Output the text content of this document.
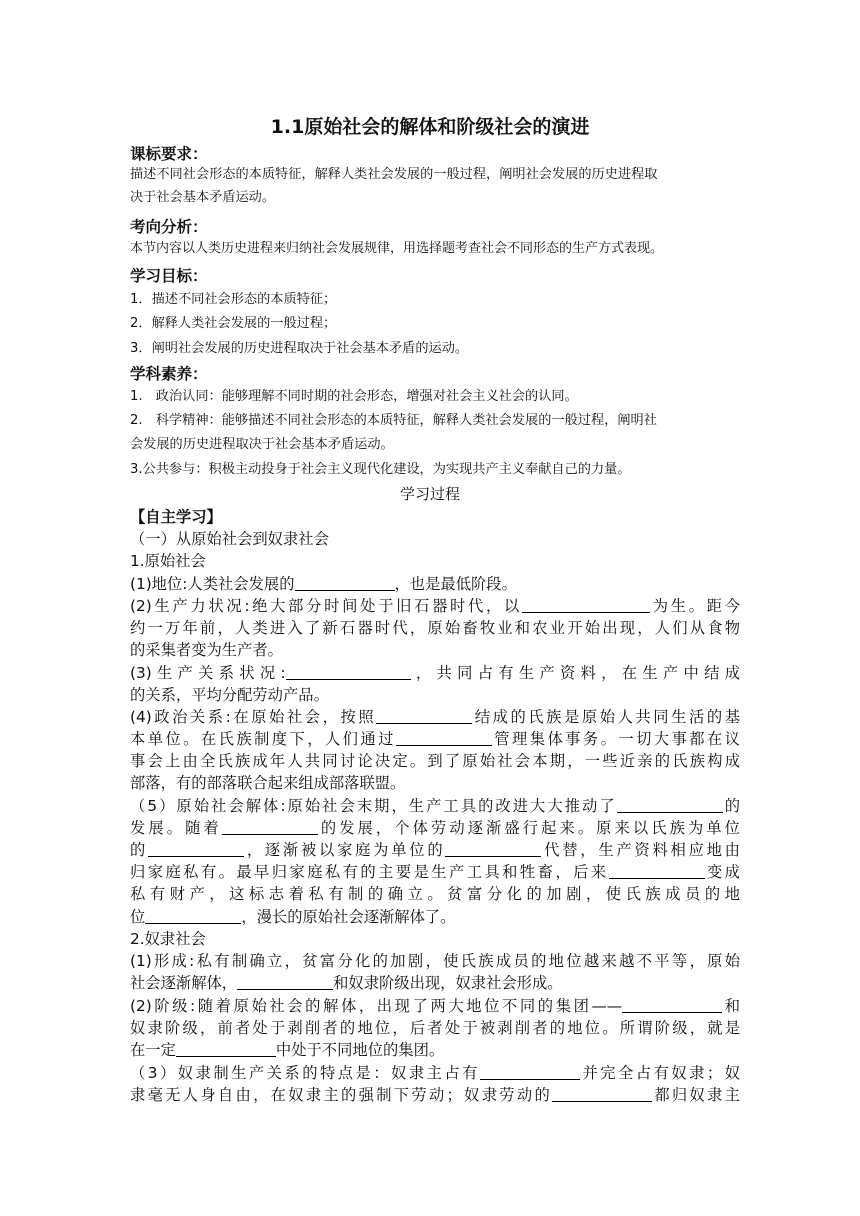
1.1原始社会的解体和阶级社会的演进
课标要求：
描述不同社会形态的本质特征，解释人类社会发展的一般过程，阐明社会发展的历史进程取
决于社会基本矛盾运动。
考向分析：
本节内容以人类历史进程来归纳社会发展规律，用选择题考查社会不同形态的生产方式表现。
学习目标：
1．描述不同社会形态的本质特征；
2．解释人类社会发展的一般过程；
3．阐明社会发展的历史进程取决于社会基本矛盾的运动。
学科素养：
1.　政治认同：能够理解不同时期的社会形态，增强对社会主义社会的认同。
2.　科学精神：能够描述不同社会形态的本质特征，解释人类社会发展的一般过程，阐明社
会发展的历史进程取决于社会基本矛盾运动。
3.公共参与：积极主动投身于社会主义现代化建设，为实现共产主义奉献自己的力量。
学习过程
【自主学习】
（一）从原始社会到奴隶社会
1.原始社会
(1)地位:人类社会发展的	，也是最低阶段。
(2)生产力状况:绝大部分时间处于旧石器时代，以	为生。距今
约一万年前，人类进入了新石器时代，原始畜牧业和农业开始出现，人们从食物
的采集者变为生产者。
(3)生产关系状况:	，共同占有生产资料，在生产中结成
的关系，平均分配劳动产品。
(4)政治关系:在原始社会，按照	结成的氏族是原始人共同生活的基
本单位。在氏族制度下，人们通过	管理集体事务。一切大事都在议
事会上由全氏族成年人共同讨论决定。到了原始社会本期，一些近亲的氏族构成
部落，有的部落联合起来组成部落联盟。
（5）原始社会解体:原始社会末期，生产工具的改进大大推动了	的
发展。随着	的发展，个体劳动逐渐盛行起来。原来以氏族为单位
的	，逐渐被以家庭为单位的	代替，生产资料相应地由
归家庭私有。最早归家庭私有的主要是生产工具和牲畜，后来	变成
私有财产，这标志着私有制的确立。贫富分化的加剧，使氏族成员的地
位	，漫长的原始社会逐渐解体了。
2.奴隶社会
(1)形成:私有制确立，贫富分化的加剧，使氏族成员的地位越来越不平等，原始
社会逐渐解体，	和奴隶阶级出现，奴隶社会形成。
(2)阶级:随着原始社会的解体，出现了两大地位不同的集团——	和
奴隶阶级，前者处于剥削者的地位，后者处于被剥削者的地位。所谓阶级，就是
在一定	中处于不同地位的集团。
（3）奴隶制生产关系的特点是：奴隶主占有	并完全占有奴隶；奴
隶毫无人身自由，在奴隶主的强制下劳动；奴隶劳动的	都归奴隶主
